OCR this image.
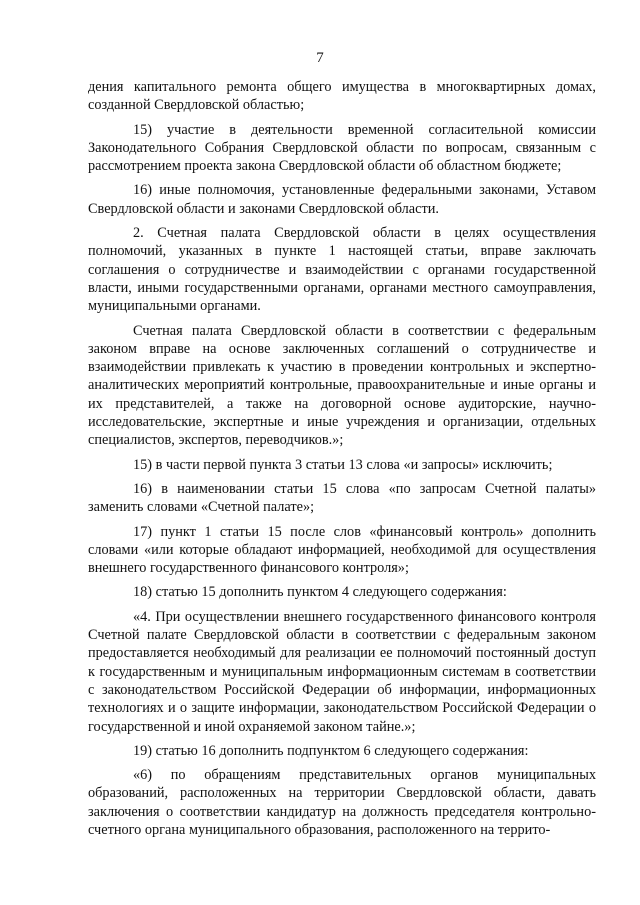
7

дения капитального ремонта общего имущества в многоквартирных домах, созданной Свердловской областью;

15) участие в деятельности временной согласительной комиссии Законодательного Собрания Свердловской области по вопросам, связанным с рассмотрением проекта закона Свердловской области об областном бюджете;

16) иные полномочия, установленные федеральными законами, Уставом Свердловской области и законами Свердловской области.

2. Счетная палата Свердловской области в целях осуществления полномочий, указанных в пункте 1 настоящей статьи, вправе заключать соглашения о сотрудничестве и взаимодействии с органами государственной власти, иными государственными органами, органами местного самоуправления, муниципальными органами.

Счетная палата Свердловской области в соответствии с федеральным законом вправе на основе заключенных соглашений о сотрудничестве и взаимодействии привлекать к участию в проведении контрольных и экспертно-аналитических мероприятий контрольные, правоохранительные и иные органы и их представителей, а также на договорной основе аудиторские, научно-исследовательские, экспертные и иные учреждения и организации, отдельных специалистов, экспертов, переводчиков.»;

15) в части первой пункта 3 статьи 13 слова «и запросы» исключить;

16) в наименовании статьи 15 слова «по запросам Счетной палаты» заменить словами «Счетной палате»;

17) пункт 1 статьи 15 после слов «финансовый контроль» дополнить словами «или которые обладают информацией, необходимой для осуществления внешнего государственного финансового контроля»;

18) статью 15 дополнить пунктом 4 следующего содержания:

«4. При осуществлении внешнего государственного финансового контроля Счетной палате Свердловской области в соответствии с федеральным законом предоставляется необходимый для реализации ее полномочий постоянный доступ к государственным и муниципальным информационным системам в соответствии с законодательством Российской Федерации об информации, информационных технологиях и о защите информации, законодательством Российской Федерации о государственной и иной охраняемой законом тайне.»;

19) статью 16 дополнить подпунктом 6 следующего содержания:

«6) по обращениям представительных органов муниципальных образований, расположенных на территории Свердловской области, давать заключения о соответствии кандидатур на должность председателя контрольно-счетного органа муниципального образования, расположенного на террито-
